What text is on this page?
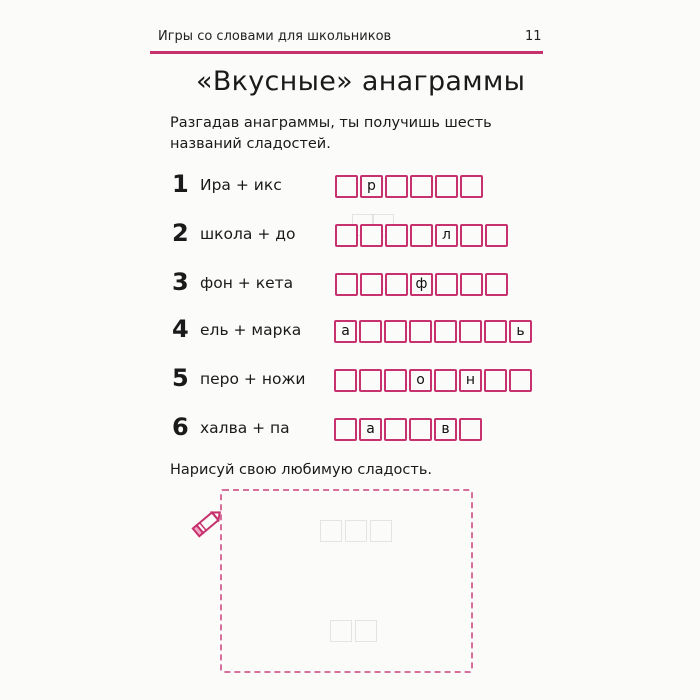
Игры со словами для школьников	11
«Вкусные» анаграммы
Разгадав анаграммы, ты получишь шесть названий сладостей.
1 Ира + икс	р
2 школа + до	л
3 фон + кета	ф
4 ель + марка	а	ь
5 перо + ножи	о	н
6 халва + па	а	в
Нарисуй свою любимую сладость.
